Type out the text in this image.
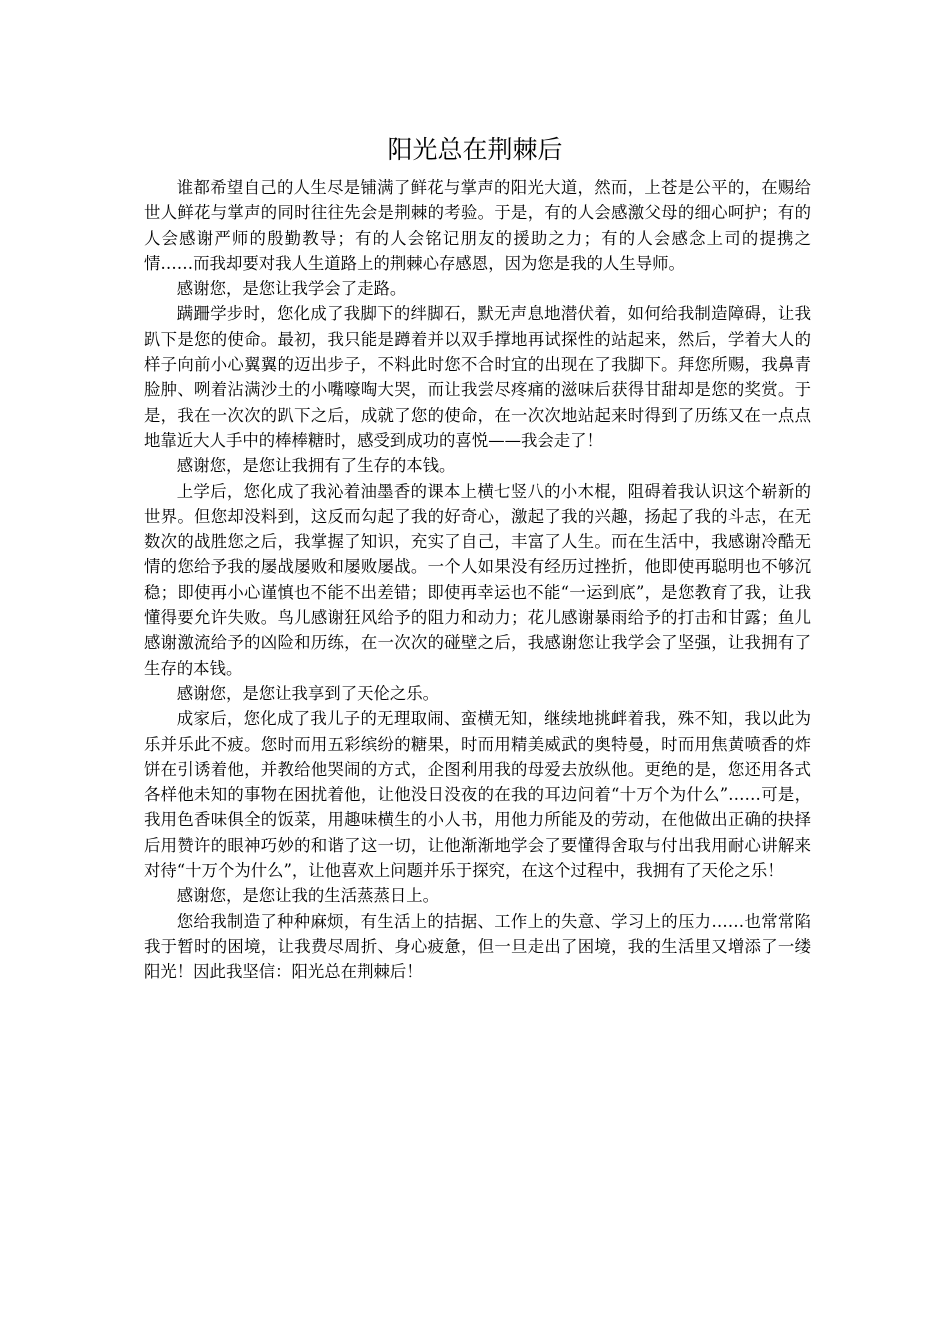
阳光总在荆棘后

谁都希望自己的人生尽是铺满了鲜花与掌声的阳光大道，然而，上苍是公平的，在赐给世人鲜花与掌声的同时往往先会是荆棘的考验。于是，有的人会感激父母的细心呵护；有的人会感谢严师的殷勤教导；有的人会铭记朋友的援助之力；有的人会感念上司的提携之情……而我却要对我人生道路上的荆棘心存感恩，因为您是我的人生导师。

感谢您，是您让我学会了走路。

蹒跚学步时，您化成了我脚下的绊脚石，默无声息地潜伏着，如何给我制造障碍，让我趴下是您的使命。最初，我只能是蹲着并以双手撑地再试探性的站起来，然后，学着大人的样子向前小心翼翼的迈出步子，不料此时您不合时宜的出现在了我脚下。拜您所赐，我鼻青脸肿、咧着沾满沙土的小嘴嚎啕大哭，而让我尝尽疼痛的滋味后获得甘甜却是您的奖赏。于是，我在一次次的趴下之后，成就了您的使命，在一次次地站起来时得到了历练又在一点点地靠近大人手中的棒棒糖时，感受到成功的喜悦——我会走了！

感谢您，是您让我拥有了生存的本钱。

上学后，您化成了我沁着油墨香的课本上横七竖八的小木棍，阻碍着我认识这个崭新的世界。但您却没料到，这反而勾起了我的好奇心，激起了我的兴趣，扬起了我的斗志，在无数次的战胜您之后，我掌握了知识，充实了自己，丰富了人生。而在生活中，我感谢冷酷无情的您给予我的屡战屡败和屡败屡战。一个人如果没有经历过挫折，他即使再聪明也不够沉稳；即使再小心谨慎也不能不出差错；即使再幸运也不能“一运到底”，是您教育了我，让我懂得要允许失败。鸟儿感谢狂风给予的阻力和动力；花儿感谢暴雨给予的打击和甘露；鱼儿感谢激流给予的凶险和历练，在一次次的碰壁之后，我感谢您让我学会了坚强，让我拥有了生存的本钱。

感谢您，是您让我享到了天伦之乐。

成家后，您化成了我儿子的无理取闹、蛮横无知，继续地挑衅着我，殊不知，我以此为乐并乐此不疲。您时而用五彩缤纷的糖果，时而用精美威武的奥特曼，时而用焦黄喷香的炸饼在引诱着他，并教给他哭闹的方式，企图利用我的母爱去放纵他。更绝的是，您还用各式各样他未知的事物在困扰着他，让他没日没夜的在我的耳边问着“十万个为什么”……可是，我用色香味俱全的饭菜，用趣味横生的小人书，用他力所能及的劳动，在他做出正确的抉择后用赞许的眼神巧妙的和谐了这一切，让他渐渐地学会了要懂得舍取与付出我用耐心讲解来对待“十万个为什么”，让他喜欢上问题并乐于探究，在这个过程中，我拥有了天伦之乐！

感谢您，是您让我的生活蒸蒸日上。

您给我制造了种种麻烦，有生活上的拮据、工作上的失意、学习上的压力……也常常陷我于暂时的困境，让我费尽周折、身心疲惫，但一旦走出了困境，我的生活里又增添了一缕阳光！因此我坚信：阳光总在荆棘后！
